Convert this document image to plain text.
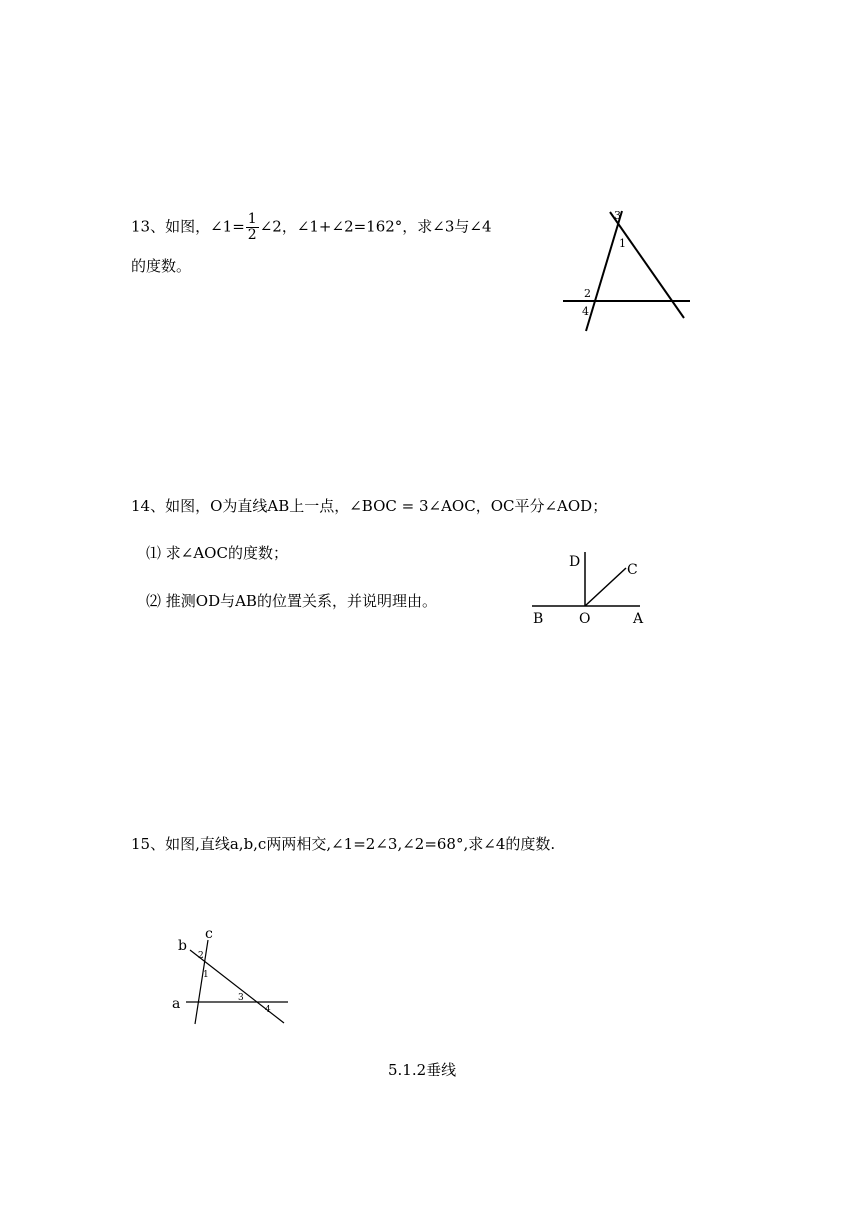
13、如图，∠1= $\frac{1}{2}$ ∠2，∠1+∠2=162°，求∠3与∠4
的度数。
3
1
2
4
14、如图，O为直线AB上一点，∠BOC = 3∠AOC，OC平分∠AOD；
⑴ 求∠AOC的度数；
⑵ 推测OD与AB的位置关系，并说明理由。
D	C
B	O	A
15、如图,直线a,b,c两两相交,∠1=2∠3,∠2=68°,求∠4的度数.
c
b
a
2
1
3
4
5.1.2垂线
